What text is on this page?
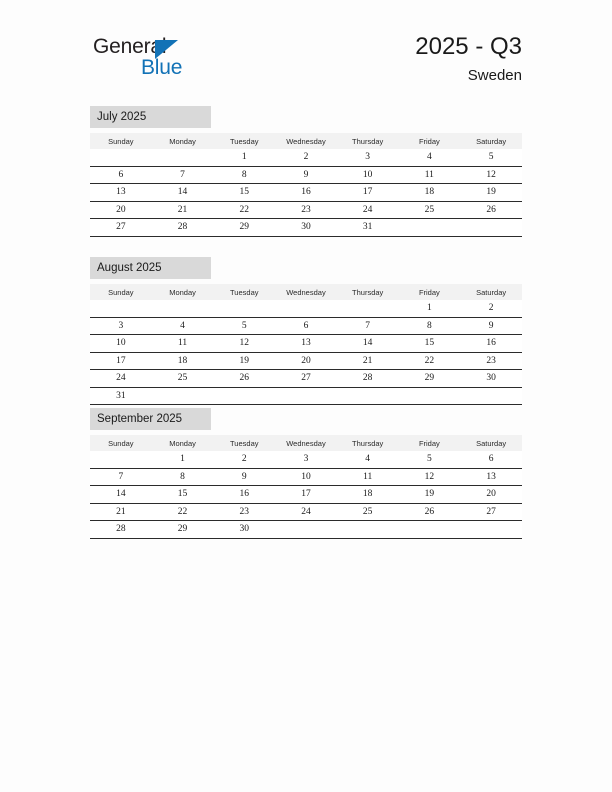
General
Blue
2025 - Q3
Sweden
July 2025
Sunday	Monday	Tuesday	Wednesday	Thursday	Friday	Saturday
		1	2	3	4	5
6	7	8	9	10	11	12
13	14	15	16	17	18	19
20	21	22	23	24	25	26
27	28	29	30	31		
August 2025
Sunday	Monday	Tuesday	Wednesday	Thursday	Friday	Saturday
					1	2
3	4	5	6	7	8	9
10	11	12	13	14	15	16
17	18	19	20	21	22	23
24	25	26	27	28	29	30
31						
September 2025
Sunday	Monday	Tuesday	Wednesday	Thursday	Friday	Saturday
	1	2	3	4	5	6
7	8	9	10	11	12	13
14	15	16	17	18	19	20
21	22	23	24	25	26	27
28	29	30				
